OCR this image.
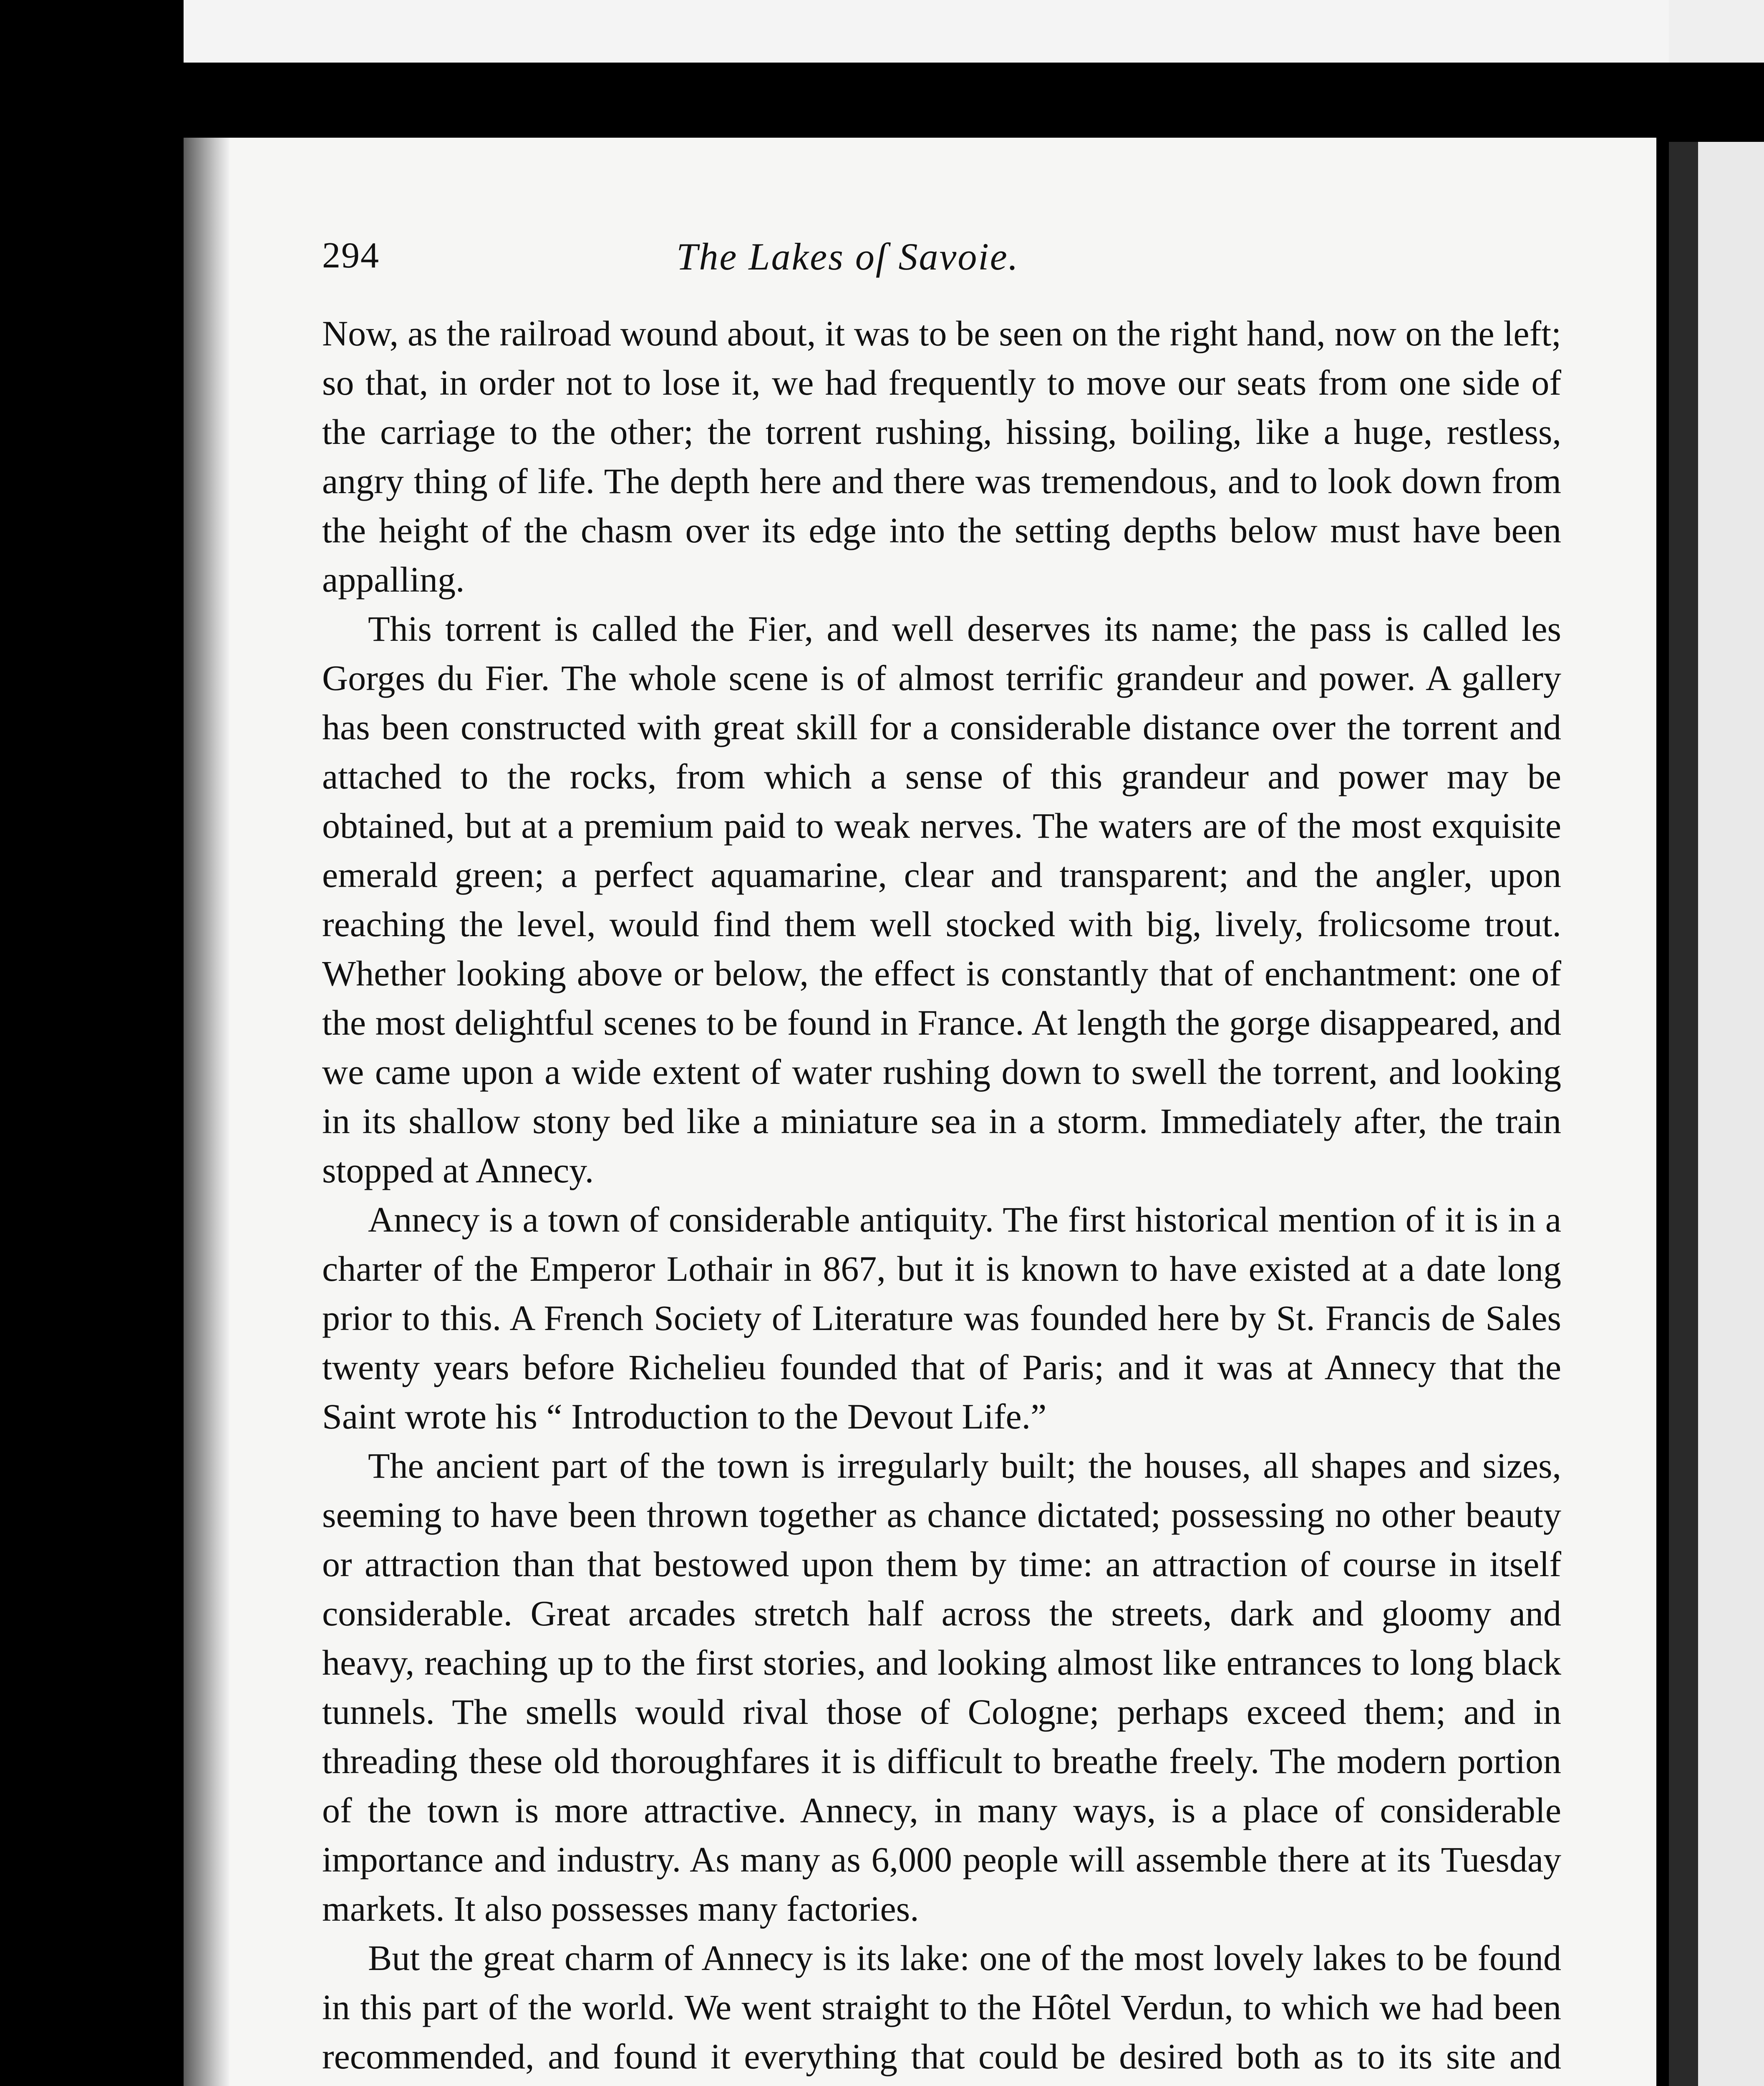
294	The Lakes oſ Savoie.

Now, as the railroad wound about, it was to be seen on the right hand, now on the left; so that, in order not to lose it, we had frequently to move our seats from one side of the carriage to the other; the torrent rushing, hissing, boiling, like a huge, restless, angry thing of life. The depth here and there was tremendous, and to look down from the height of the chasm over its edge into the setting depths below must have been appalling.

This torrent is called the Fier, and well deserves its name; the pass is called les Gorges du Fier. The whole scene is of almost terrific grandeur and power. A gallery has been constructed with great skill for a considerable distance over the torrent and attached to the rocks, from which a sense of this grandeur and power may be obtained, but at a premium paid to weak nerves. The waters are of the most exquisite emerald green; a perfect aquamarine, clear and transparent; and the angler, upon reaching the level, would find them well stocked with big, lively, frolicsome trout. Whether looking above or below, the effect is constantly that of enchantment: one of the most delightful scenes to be found in France. At length the gorge disappeared, and we came upon a wide extent of water rushing down to swell the torrent, and looking in its shallow stony bed like a miniature sea in a storm. Immediately after, the train stopped at Annecy.

Annecy is a town of considerable antiquity. The first historical mention of it is in a charter of the Emperor Lothair in 867, but it is known to have existed at a date long prior to this. A French Society of Literature was founded here by St. Francis de Sales twenty years before Richelieu founded that of Paris; and it was at Annecy that the Saint wrote his “ Introduction to the Devout Life.”

The ancient part of the town is irregularly built; the houses, all shapes and sizes, seeming to have been thrown together as chance dictated; possessing no other beauty or attraction than that bestowed upon them by time: an attraction of course in itself considerable. Great arcades stretch half across the streets, dark and gloomy and heavy, reaching up to the first stories, and looking almost like entrances to long black tunnels. The smells would rival those of Cologne; perhaps exceed them; and in threading these old thoroughfares it is difficult to breathe freely. The modern portion of the town is more attractive. Annecy, in many ways, is a place of considerable importance and industry. As many as 6,000 people will assemble there at its Tuesday markets. It also possesses many factories.

But the great charm of Annecy is its lake: one of the most lovely lakes to be found in this part of the world. We went straight to the Hôtel Verdun, to which we had been recommended, and found it everything that could be desired both as to its site and
